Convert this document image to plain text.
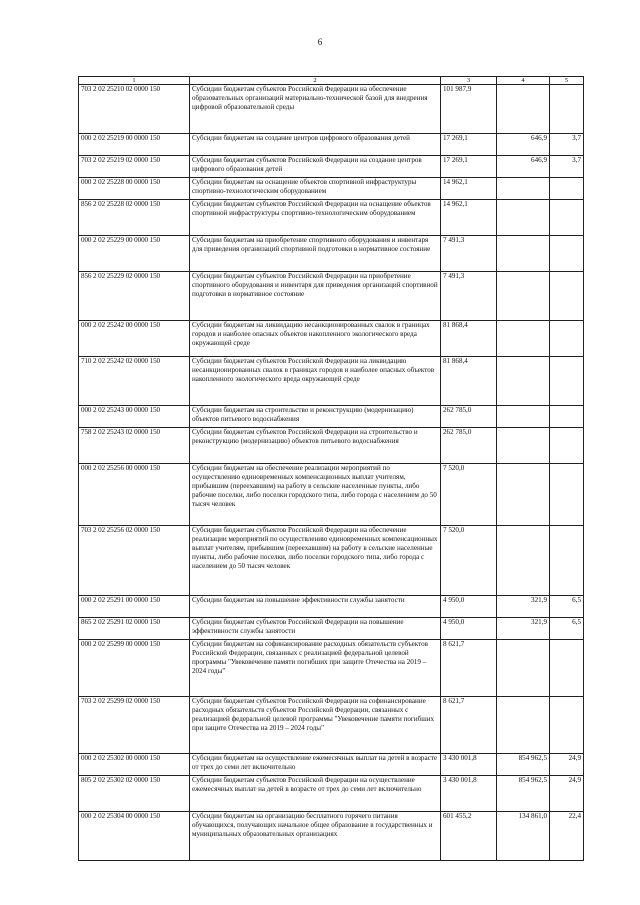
6
1	2	3	4	5
703 2 02 25210 02 0000 150	Субсидии бюджетам субъектов Российской Федерации на обеспечение образовательных организаций материально-технической базой для внедрения цифровой образовательной среды	101 987,9		
000 2 02 25219 00 0000 150	Субсидии бюджетам на создание центров цифрового образования детей	17 269,1	646,9	3,7
703 2 02 25219 02 0000 150	Субсидии бюджетам субъектов Российской Федерации на создание центров цифрового образования детей	17 269,1	646,9	3,7
000 2 02 25228 00 0000 150	Субсидии бюджетам на оснащение объектов спортивной инфраструктуры спортивно-технологическим оборудованием	14 962,1		
856 2 02 25228 02 0000 150	Субсидии бюджетам субъектов Российской Федерации на оснащение объектов спортивной инфраструктуры спортивно-технологическим оборудованием	14 962,1		
000 2 02 25229 00 0000 150	Субсидии бюджетам на приобретение спортивного оборудования и инвентаря для приведения организаций спортивной подготовки в нормативное состояние	7 491,3		
856 2 02 25229 02 0000 150	Субсидии бюджетам субъектов Российской Федерации на приобретение спортивного оборудования и инвентаря для приведения организаций спортивной подготовки в нормативное состояние	7 491,3		
000 2 02 25242 00 0000 150	Субсидии бюджетам на ликвидацию несанкционированных свалок в границах городов и наиболее опасных объектов накопленного экологического вреда окружающей среде	81 868,4		
710 2 02 25242 02 0000 150	Субсидии бюджетам субъектов Российской Федерации на ликвидацию несанкционированных свалок в границах городов и наиболее опасных объектов накопленного экологического вреда окружающей среде	81 868,4		
000 2 02 25243 00 0000 150	Субсидии бюджетам на строительство и реконструкцию (модернизацию) объектов питьевого водоснабжения	262 785,0		
758 2 02 25243 02 0000 150	Субсидии бюджетам субъектов Российской Федерации на строительство и реконструкцию (модернизацию) объектов питьевого водоснабжения	262 785,0		
000 2 02 25256 00 0000 150	Субсидии бюджетам на обеспечение реализации мероприятий по осуществлению единовременных компенсационных выплат учителям, прибывшим (переехавшим) на работу в сельские населенные пункты, либо рабочие поселки, либо поселки городского типа, либо города с населением до 50 тысяч человек	7 520,0		
703 2 02 25256 02 0000 150	Субсидии бюджетам субъектов Российской Федерации на обеспечение реализации мероприятий по осуществлению единовременных компенсационных выплат учителям, прибывшим (переехавшим) на работу в сельские населенные пункты, либо рабочие поселки, либо поселки городского типа, либо города с населением до 50 тысяч человек	7 520,0		
000 2 02 25291 00 0000 150	Субсидии бюджетам на повышение эффективности службы занятости	4 950,0	321,9	6,5
865 2 02 25291 02 0000 150	Субсидии бюджетам субъектов Российской Федерации на повышение эффективности службы занятости	4 950,0	321,9	6,5
000 2 02 25299 00 0000 150	Субсидии бюджетам на софинансирование расходных обязательств субъектов Российской Федерации, связанных с реализацией федеральной целевой программы "Увековечение памяти погибших при защите Отечества на 2019 – 2024 годы"	8 621,7		
703 2 02 25299 02 0000 150	Субсидии бюджетам субъектов Российской Федерации на софинансирование расходных обязательств субъектов Российской Федерации, связанных с реализацией федеральной целевой программы "Увековечение памяти погибших при защите Отечества на 2019 – 2024 годы"	8 621,7		
000 2 02 25302 00 0000 150	Субсидии бюджетам на осуществление ежемесячных выплат на детей в возрасте от трех до семи лет включительно	3 430 001,8	854 962,5	24,9
805 2 02 25302 02 0000 150	Субсидии бюджетам субъектов Российской Федерации на осуществление ежемесячных выплат на детей в возрасте от трех до семи лет включительно	3 430 001,8	854 962,5	24,9
000 2 02 25304 00 0000 150	Субсидии бюджетам на организацию бесплатного горячего питания обучающихся, получающих начальное общее образование в государственных и муниципальных образовательных организациях	601 455,2	134 861,0	22,4
